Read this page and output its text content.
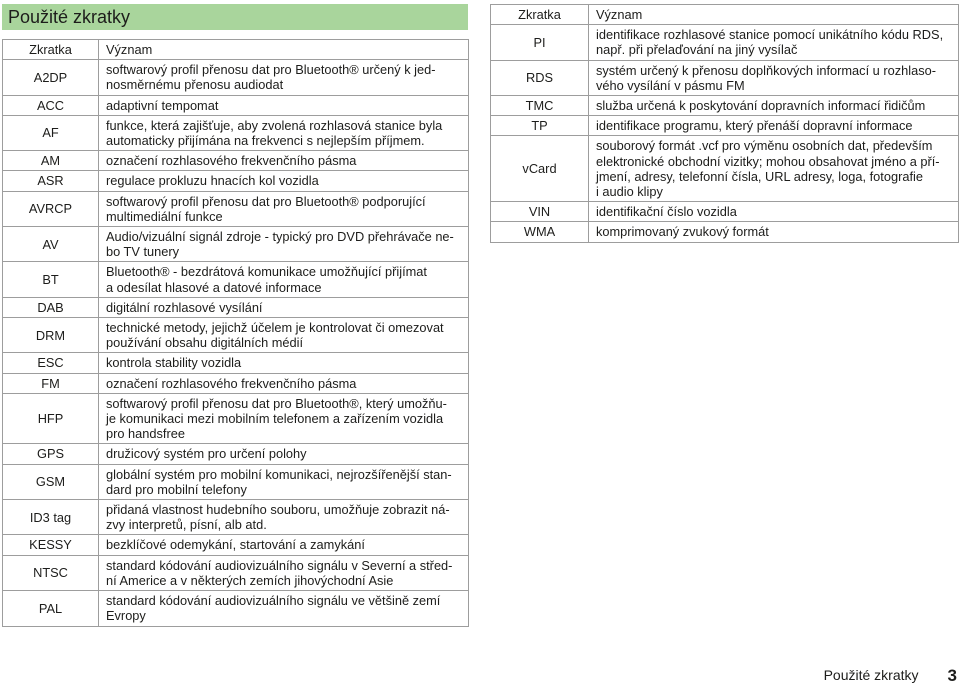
Použité zkratky
Zkratka	Význam
A2DP	softwarový profil přenosu dat pro Bluetooth® určený k jed-
nosměrnému přenosu audiodat
ACC	adaptivní tempomat
AF	funkce, která zajišťuje, aby zvolená rozhlasová stanice byla
automaticky přijímána na frekvenci s nejlepším příjmem.
AM	označení rozhlasového frekvenčního pásma
ASR	regulace prokluzu hnacích kol vozidla
AVRCP	softwarový profil přenosu dat pro Bluetooth® podporující
multimediální funkce
AV	Audio/vizuální signál zdroje - typický pro DVD přehrávače ne-
bo TV tunery
BT	Bluetooth® - bezdrátová komunikace umožňující přijímat
a odesílat hlasové a datové informace
DAB	digitální rozhlasové vysílání
DRM	technické metody, jejichž účelem je kontrolovat či omezovat
používání obsahu digitálních médií
ESC	kontrola stability vozidla
FM	označení rozhlasového frekvenčního pásma
HFP	softwarový profil přenosu dat pro Bluetooth®, který umožňu-
je komunikaci mezi mobilním telefonem a zařízením vozidla
pro handsfree
GPS	družicový systém pro určení polohy
GSM	globální systém pro mobilní komunikaci, nejrozšířenější stan-
dard pro mobilní telefony
ID3 tag	přidaná vlastnost hudebního souboru, umožňuje zobrazit ná-
zvy interpretů, písní, alb atd.
KESSY	bezklíčové odemykání, startování a zamykání
NTSC	standard kódování audiovizuálního signálu v Severní a střed-
ní Americe a v některých zemích jihovýchodní Asie
PAL	standard kódování audiovizuálního signálu ve většině zemí
Evropy
Zkratka	Význam
PI	identifikace rozhlasové stanice pomocí unikátního kódu RDS,
např. při přelaďování na jiný vysílač
RDS	systém určený k přenosu doplňkových informací u rozhlaso-
vého vysílání v pásmu FM
TMC	služba určená k poskytování dopravních informací řidičům
TP	identifikace programu, který přenáší dopravní informace
vCard	souborový formát .vcf pro výměnu osobních dat, především
elektronické obchodní vizitky; mohou obsahovat jméno a pří-
jmení, adresy, telefonní čísla, URL adresy, loga, fotografie
i audio klipy
VIN	identifikační číslo vozidla
WMA	komprimovaný zvukový formát
Použité zkratky 3
